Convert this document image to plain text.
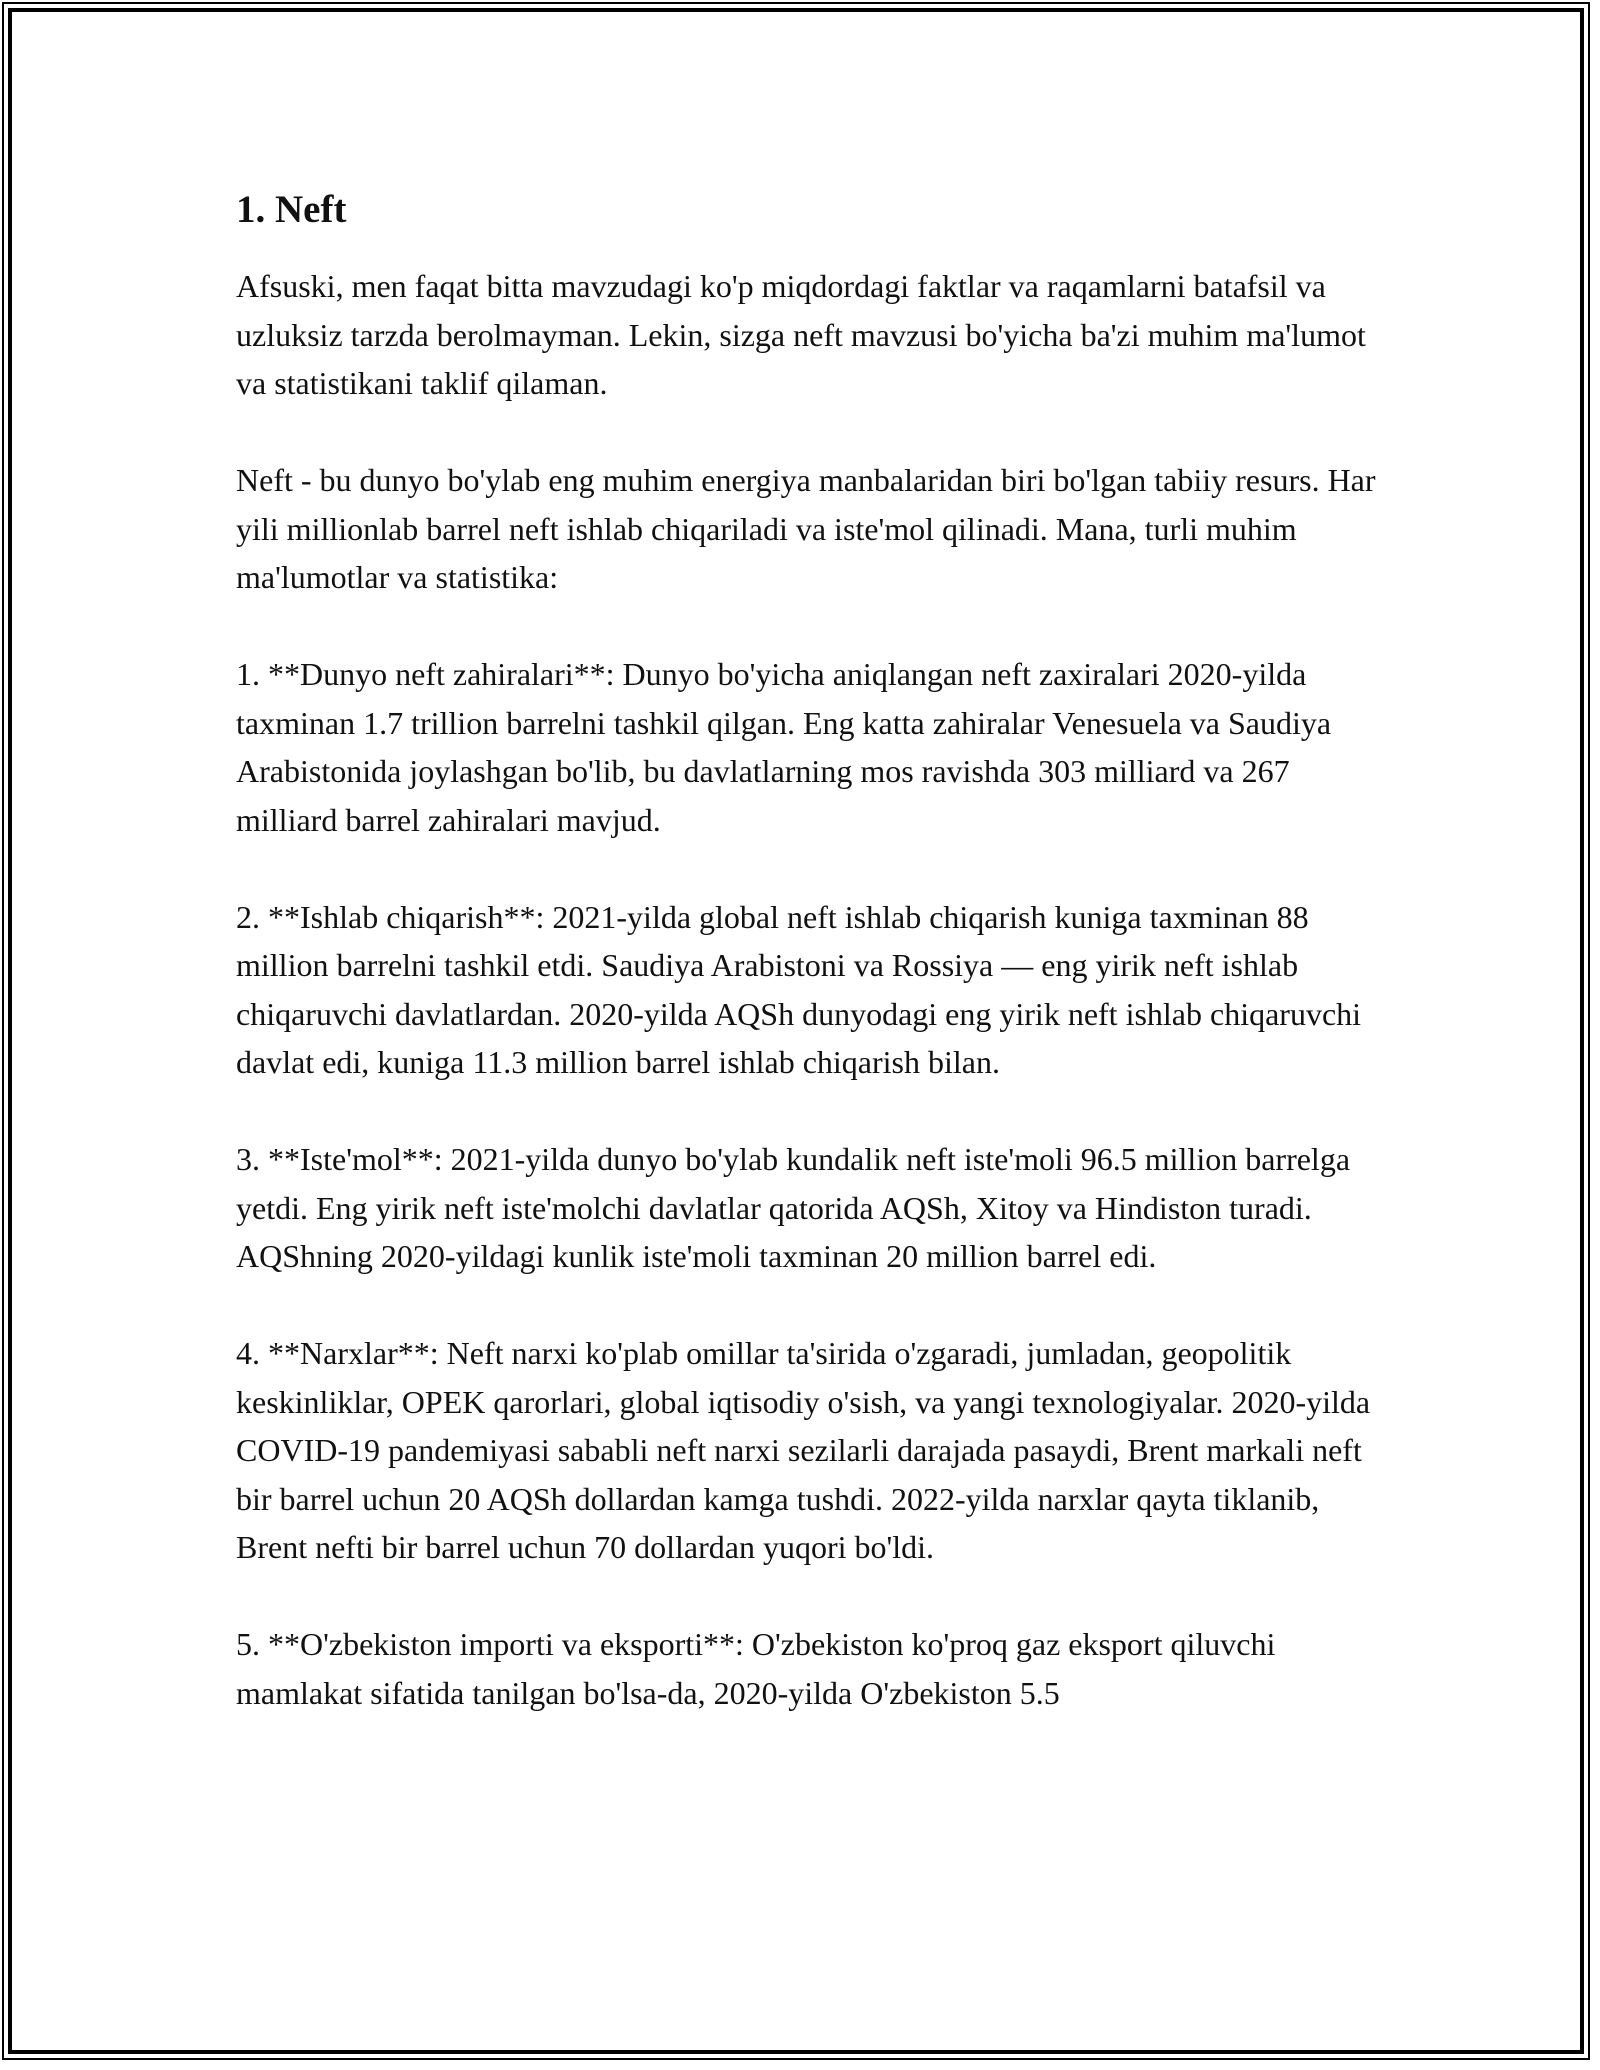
1. Neft

Afsuski, men faqat bitta mavzudagi ko'p miqdordagi faktlar va raqamlarni batafsil va uzluksiz tarzda berolmayman. Lekin, sizga neft mavzusi bo'yicha ba'zi muhim ma'lumot va statistikani taklif qilaman.

Neft - bu dunyo bo'ylab eng muhim energiya manbalaridan biri bo'lgan tabiiy resurs. Har yili millionlab barrel neft ishlab chiqariladi va iste'mol qilinadi. Mana, turli muhim ma'lumotlar va statistika:

1. **Dunyo neft zahiralari**: Dunyo bo'yicha aniqlangan neft zaxiralari 2020-yilda taxminan 1.7 trillion barrelni tashkil qilgan. Eng katta zahiralar Venesuela va Saudiya Arabistonida joylashgan bo'lib, bu davlatlarning mos ravishda 303 milliard va 267 milliard barrel zahiralari mavjud.

2. **Ishlab chiqarish**: 2021-yilda global neft ishlab chiqarish kuniga taxminan 88 million barrelni tashkil etdi. Saudiya Arabistoni va Rossiya — eng yirik neft ishlab chiqaruvchi davlatlardan. 2020-yilda AQSh dunyodagi eng yirik neft ishlab chiqaruvchi davlat edi, kuniga 11.3 million barrel ishlab chiqarish bilan.

3. **Iste'mol**: 2021-yilda dunyo bo'ylab kundalik neft iste'moli 96.5 million barrelga yetdi. Eng yirik neft iste'molchi davlatlar qatorida AQSh, Xitoy va Hindiston turadi. AQShning 2020-yildagi kunlik iste'moli taxminan 20 million barrel edi.

4. **Narxlar**: Neft narxi ko'plab omillar ta'sirida o'zgaradi, jumladan, geopolitik keskinliklar, OPEK qarorlari, global iqtisodiy o'sish, va yangi texnologiyalar. 2020-yilda COVID-19 pandemiyasi sababli neft narxi sezilarli darajada pasaydi, Brent markali neft bir barrel uchun 20 AQSh dollardan kamga tushdi. 2022-yilda narxlar qayta tiklanib, Brent nefti bir barrel uchun 70 dollardan yuqori bo'ldi.

5. **O'zbekiston importi va eksporti**: O'zbekiston ko'proq gaz eksport qiluvchi mamlakat sifatida tanilgan bo'lsa-da, 2020-yilda O'zbekiston 5.5
